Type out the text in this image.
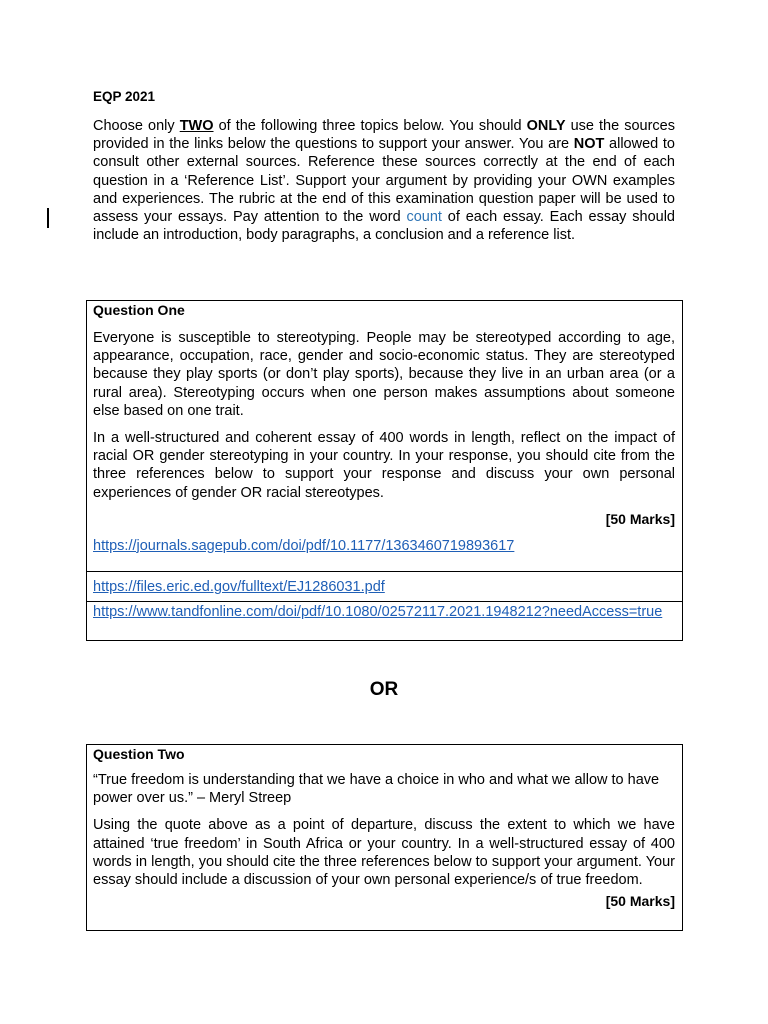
EQP 2021
Choose only TWO of the following three topics below. You should ONLY use the sources provided in the links below the questions to support your answer. You are NOT allowed to consult other external sources. Reference these sources correctly at the end of each question in a ‘Reference List’. Support your argument by providing your OWN examples and experiences. The rubric at the end of this examination question paper will be used to assess your essays. Pay attention to the word count of each essay. Each essay should include an introduction, body paragraphs, a conclusion and a reference list.
Question One

Everyone is susceptible to stereotyping. People may be stereotyped according to age, appearance, occupation, race, gender and socio-economic status. They are stereotyped because they play sports (or don’t play sports), because they live in an urban area (or a rural area). Stereotyping occurs when one person makes assumptions about someone else based on one trait.

In a well-structured and coherent essay of 400 words in length, reflect on the impact of racial OR gender stereotyping in your country. In your response, you should cite from the three references below to support your response and discuss your own personal experiences of gender OR racial stereotypes.

[50 Marks]
https://journals.sagepub.com/doi/pdf/10.1177/1363460719893617
https://files.eric.ed.gov/fulltext/EJ1286031.pdf
https://www.tandfonline.com/doi/pdf/10.1080/02572117.2021.1948212?needAccess=true
OR
Question Two

“True freedom is understanding that we have a choice in who and what we allow to have power over us.” – Meryl Streep

Using the quote above as a point of departure, discuss the extent to which we have attained ‘true freedom’ in South Africa or your country. In a well-structured essay of 400 words in length, you should cite the three references below to support your argument. Your essay should include a discussion of your own personal experience/s of true freedom.

[50 Marks]
